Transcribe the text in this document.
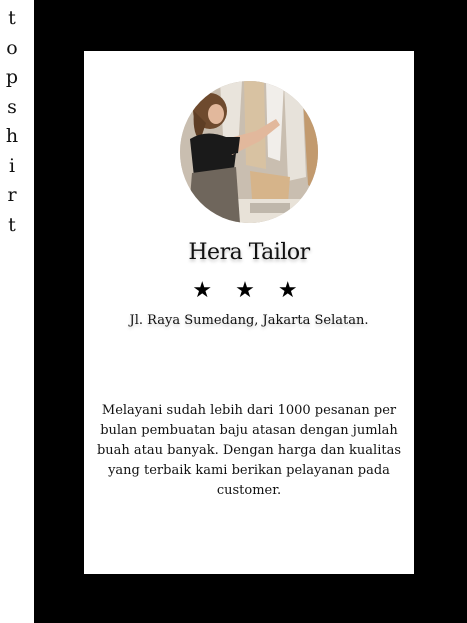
t
o
p
s
h
i
r
t
Hera Tailor
★ ★ ★
Jl. Raya Sumedang, Jakarta Selatan.
Melayani sudah lebih dari 1000 pesanan per bulan pembuatan baju atasan dengan jumlah buah atau banyak. Dengan harga dan kualitas yang terbaik kami berikan pelayanan pada customer.
